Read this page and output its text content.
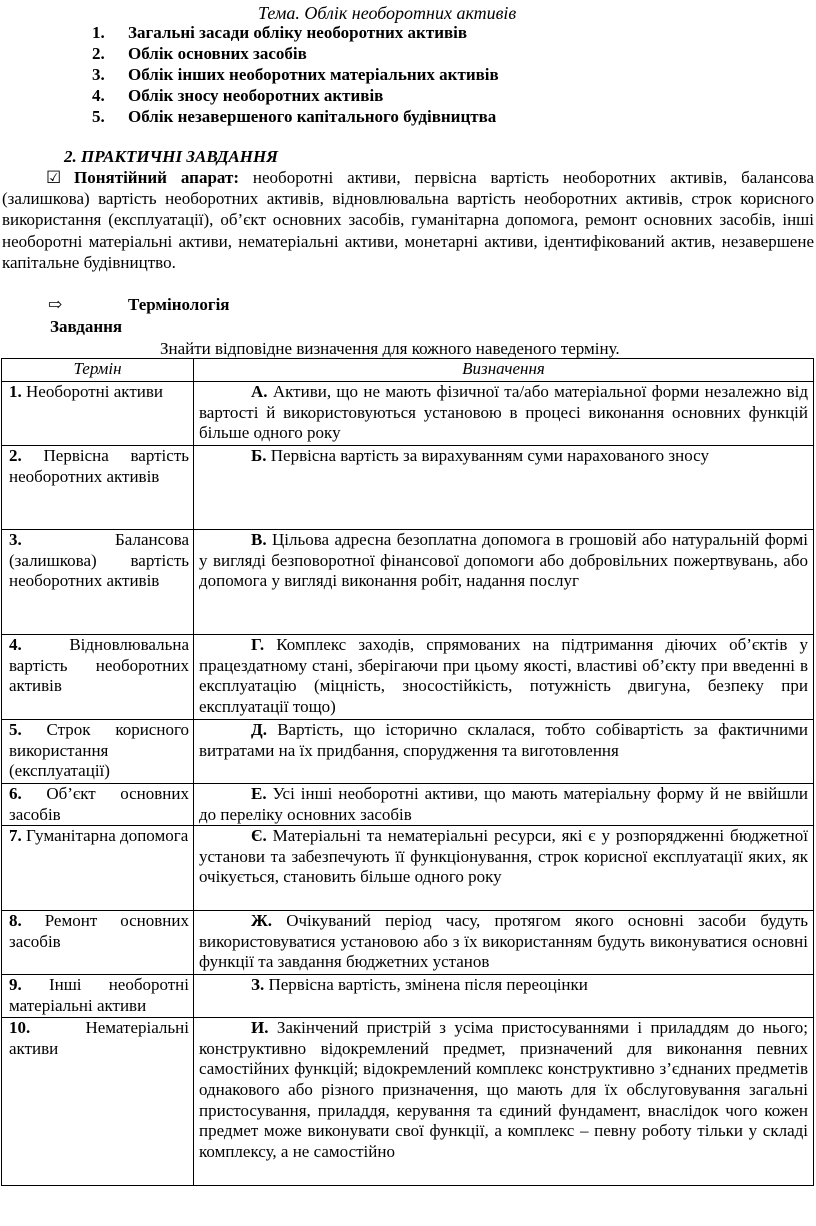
Тема. Облік необоротних активів
1. Загальні засади обліку необоротних активів
2. Облік основних засобів
3. Облік інших необоротних матеріальних активів
4. Облік зносу необоротних активів
5. Облік незавершеного капітального будівництва
2. ПРАКТИЧНІ ЗАВДАННЯ
☑ Понятійний апарат: необоротні активи, первісна вартість необоротних активів, балансова (залишкова) вартість необоротних активів, відновлювальна вартість необоротних активів, строк корисного використання (експлуатації), об’єкт основних засобів, гуманітарна допомога, ремонт основних засобів, інші необоротні матеріальні активи, нематеріальні активи, монетарні активи, ідентифікований актив, незавершене капітальне будівництво.
⇨	Термінологія
Завдання
Знайти відповідне визначення для кожного наведеного терміну.
Термін	Визначення
1. Необоротні активи	А. Активи, що не мають фізичної та/або матеріальної форми незалежно від вартості й використовуються установою в процесі виконання основних функцій більше одного року
2. Первісна вартість необоротних активів	Б. Первісна вартість за вирахуванням суми нарахованого зносу
3. Балансова (залишкова) вартість необоротних активів	В. Цільова адресна безоплатна допомога в грошовій або натуральній формі у вигляді безповоротної фінансової допомоги або добровільних пожертвувань, або допомога у вигляді виконання робіт, надання послуг
4. Відновлювальна вартість необоротних активів	Г. Комплекс заходів, спрямованих на підтримання діючих об’єктів у працездатному стані, зберігаючи при цьому якості, властиві об’єкту при введенні в експлуатацію (міцність, зносостійкість, потужність двигуна, безпеку при експлуатації тощо)
5. Строк корисного використання (експлуатації)	Д. Вартість, що історично склалася, тобто собівартість за фактичними витратами на їх придбання, спорудження та виготовлення
6. Об’єкт основних засобів	Е. Усі інші необоротні активи, що мають матеріальну форму й не ввійшли до переліку основних засобів
7. Гуманітарна допомога	Є. Матеріальні та нематеріальні ресурси, які є у розпорядженні бюджетної установи та забезпечують її функціонування, строк корисної експлуатації яких, як очікується, становить більше одного року
8. Ремонт основних засобів	Ж. Очікуваний період часу, протягом якого основні засоби будуть використовуватися установою або з їх використанням будуть виконуватися основні функції та завдання бюджетних установ
9. Інші необоротні матеріальні активи	З. Первісна вартість, змінена після переоцінки
10. Нематеріальні активи	И. Закінчений пристрій з усіма пристосуваннями і приладдям до нього; конструктивно відокремлений предмет, призначений для виконання певних самостійних функцій; відокремлений комплекс конструктивно з’єднаних предметів однакового або різного призначення, що мають для їх обслуговування загальні пристосування, приладдя, керування та єдиний фундамент, внаслідок чого кожен предмет може виконувати свої функції, а комплекс – певну роботу тільки у складі комплексу, а не самостійно
